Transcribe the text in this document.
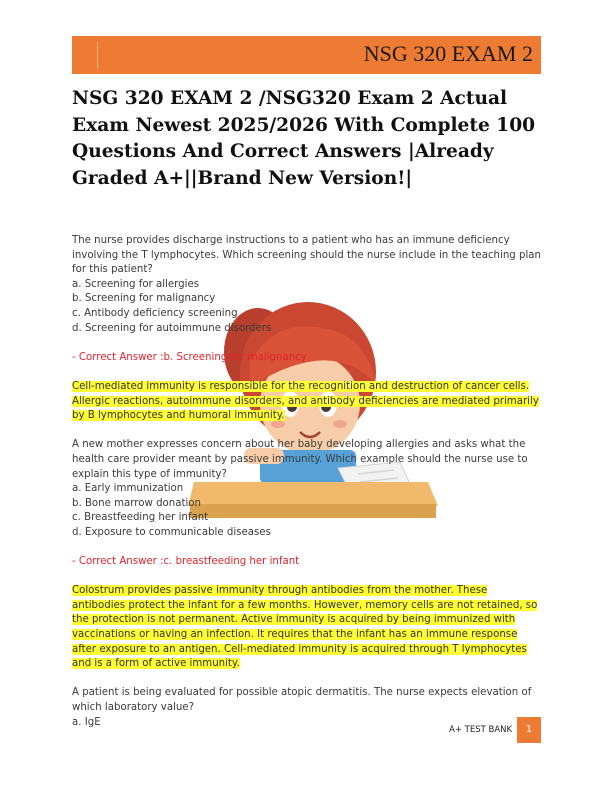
NSG 320 EXAM 2
NSG 320 EXAM 2 /NSG320 Exam 2 Actual Exam Newest 2025/2026 With Complete 100 Questions And Correct Answers |Already Graded A+||Brand New Version!|

The nurse provides discharge instructions to a patient who has an immune deficiency involving the T lymphocytes. Which screening should the nurse include in the teaching plan for this patient?

a. Screening for allergies

b. Screening for malignancy

c. Antibody deficiency screening

d. Screening for autoimmune disorders

- Correct Answer :b. Screening for malignancy

Cell-mediated immunity is responsible for the recognition and destruction of cancer cells. Allergic reactions, autoimmune disorders, and antibody deficiencies are mediated primarily by B lymphocytes and humoral immunity.

A new mother expresses concern about her baby developing allergies and asks what the health care provider meant by passive immunity. Which example should the nurse use to explain this type of immunity?

a. Early immunization

b. Bone marrow donation

c. Breastfeeding her infant

d. Exposure to communicable diseases

- Correct Answer :c. breastfeeding her infant

Colostrum provides passive immunity through antibodies from the mother. These antibodies protect the infant for a few months. However, memory cells are not retained, so the protection is not permanent. Active immunity is acquired by being immunized with vaccinations or having an infection. It requires that the infant has an immune response after exposure to an antigen. Cell-mediated immunity is acquired through T lymphocytes and is a form of active immunity.

A patient is being evaluated for possible atopic dermatitis. The nurse expects elevation of which laboratory value?

a. IgE

A+ TEST BANK	1
